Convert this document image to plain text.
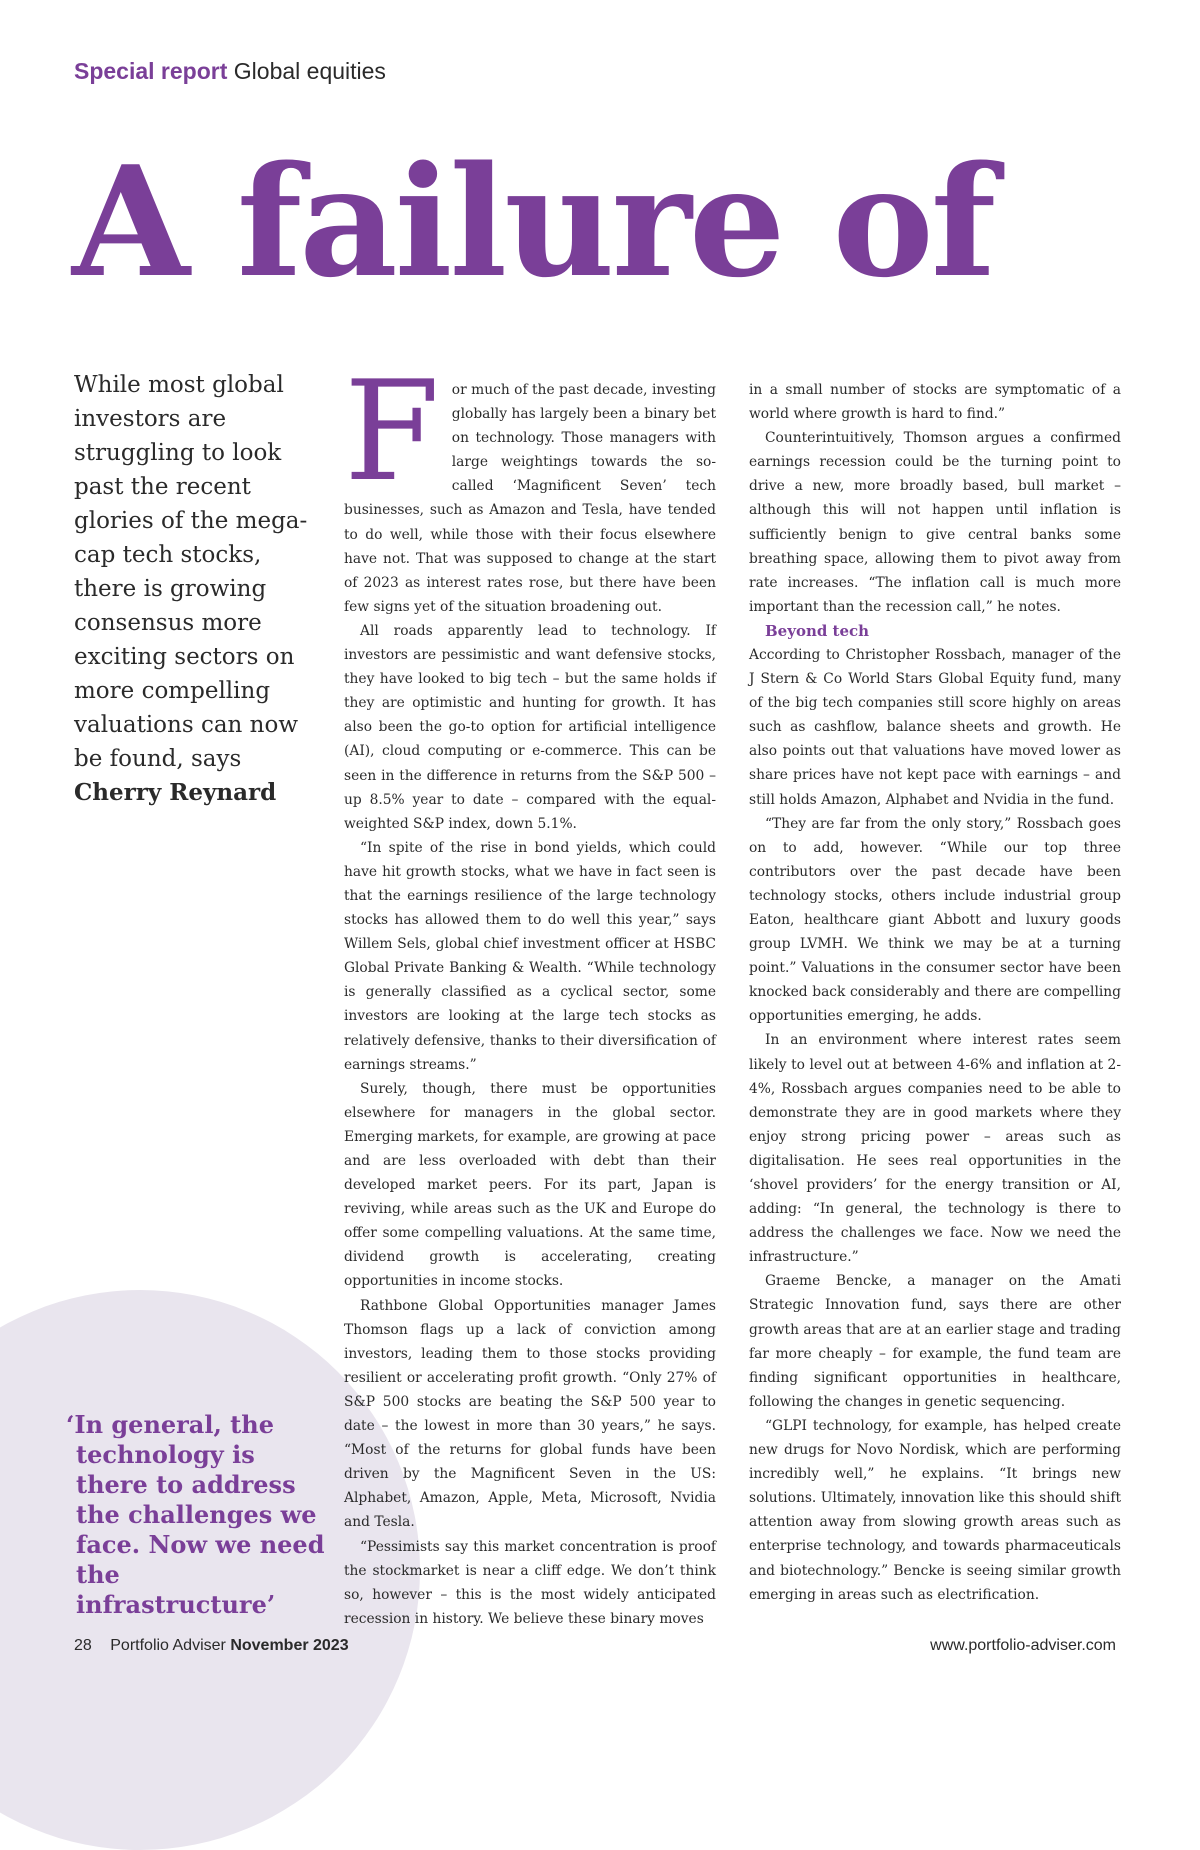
Special report Global equities
A failure of

While most global investors are struggling to look past the recent glories of the mega-cap tech stocks, there is growing consensus more exciting sectors on more compelling valuations can now be found, says
Cherry Reynard

For much of the past decade, investing globally has largely been a binary bet on technology. Those managers with large weightings towards the so-called ‘Magnificent Seven’ tech businesses, such as Amazon and Tesla, have tended to do well, while those with their focus elsewhere have not. That was supposed to change at the start of 2023 as interest rates rose, but there have been few signs yet of the situation broadening out.

All roads apparently lead to technology. If investors are pessimistic and want defensive stocks, they have looked to big tech – but the same holds if they are optimistic and hunting for growth. It has also been the go-to option for artificial intelligence (AI), cloud computing or e-commerce. This can be seen in the difference in returns from the S&P 500 – up 8.5% year to date – compared with the equal-weighted S&P index, down 5.1%.

“In spite of the rise in bond yields, which could have hit growth stocks, what we have in fact seen is that the earnings resilience of the large technology stocks has allowed them to do well this year,” says Willem Sels, global chief investment officer at HSBC Global Private Banking & Wealth. “While technology is generally classified as a cyclical sector, some investors are looking at the large tech stocks as relatively defensive, thanks to their diversification of earnings streams.”

Surely, though, there must be opportunities elsewhere for managers in the global sector. Emerging markets, for example, are growing at pace and are less overloaded with debt than their developed market peers. For its part, Japan is reviving, while areas such as the UK and Europe do offer some compelling valuations. At the same time, dividend growth is accelerating, creating opportunities in income stocks.

Rathbone Global Opportunities manager James Thomson flags up a lack of conviction among investors, leading them to those stocks providing resilient or accelerating profit growth. “Only 27% of S&P 500 stocks are beating the S&P 500 year to date – the lowest in more than 30 years,” he says. “Most of the returns for global funds have been driven by the Magnificent Seven in the US: Alphabet, Amazon, Apple, Meta, Microsoft, Nvidia and Tesla.

“Pessimists say this market concentration is proof the stockmarket is near a cliff edge. We don’t think so, however – this is the most widely anticipated recession in history. We believe these binary moves

in a small number of stocks are symptomatic of a world where growth is hard to find.”

Counterintuitively, Thomson argues a confirmed earnings recession could be the turning point to drive a new, more broadly based, bull market – although this will not happen until inflation is sufficiently benign to give central banks some breathing space, allowing them to pivot away from rate increases. “The inflation call is much more important than the recession call,” he notes.

Beyond tech

According to Christopher Rossbach, manager of the J Stern & Co World Stars Global Equity fund, many of the big tech companies still score highly on areas such as cashflow, balance sheets and growth. He also points out that valuations have moved lower as share prices have not kept pace with earnings – and still holds Amazon, Alphabet and Nvidia in the fund.

“They are far from the only story,” Rossbach goes on to add, however. “While our top three contributors over the past decade have been technology stocks, others include industrial group Eaton, healthcare giant Abbott and luxury goods group LVMH. We think we may be at a turning point.” Valuations in the consumer sector have been knocked back considerably and there are compelling opportunities emerging, he adds.

In an environment where interest rates seem likely to level out at between 4-6% and inflation at 2-4%, Rossbach argues companies need to be able to demonstrate they are in good markets where they enjoy strong pricing power – areas such as digitalisation. He sees real opportunities in the ‘shovel providers’ for the energy transition or AI, adding: “In general, the technology is there to address the challenges we face. Now we need the infrastructure.”

Graeme Bencke, a manager on the Amati Strategic Innovation fund, says there are other growth areas that are at an earlier stage and trading far more cheaply – for example, the fund team are finding significant opportunities in healthcare, following the changes in genetic sequencing.

“GLPI technology, for example, has helped create new drugs for Novo Nordisk, which are performing incredibly well,” he explains. “It brings new solutions. Ultimately, innovation like this should shift attention away from slowing growth areas such as enterprise technology, and towards pharmaceuticals and biotechnology.” Bencke is seeing similar growth emerging in areas such as electrification.

‘In general, the
technology is
there to address
the challenges we
face. Now we need
the infrastructure’
28 Portfolio Adviser November 2023	www.portfolio-adviser.com
